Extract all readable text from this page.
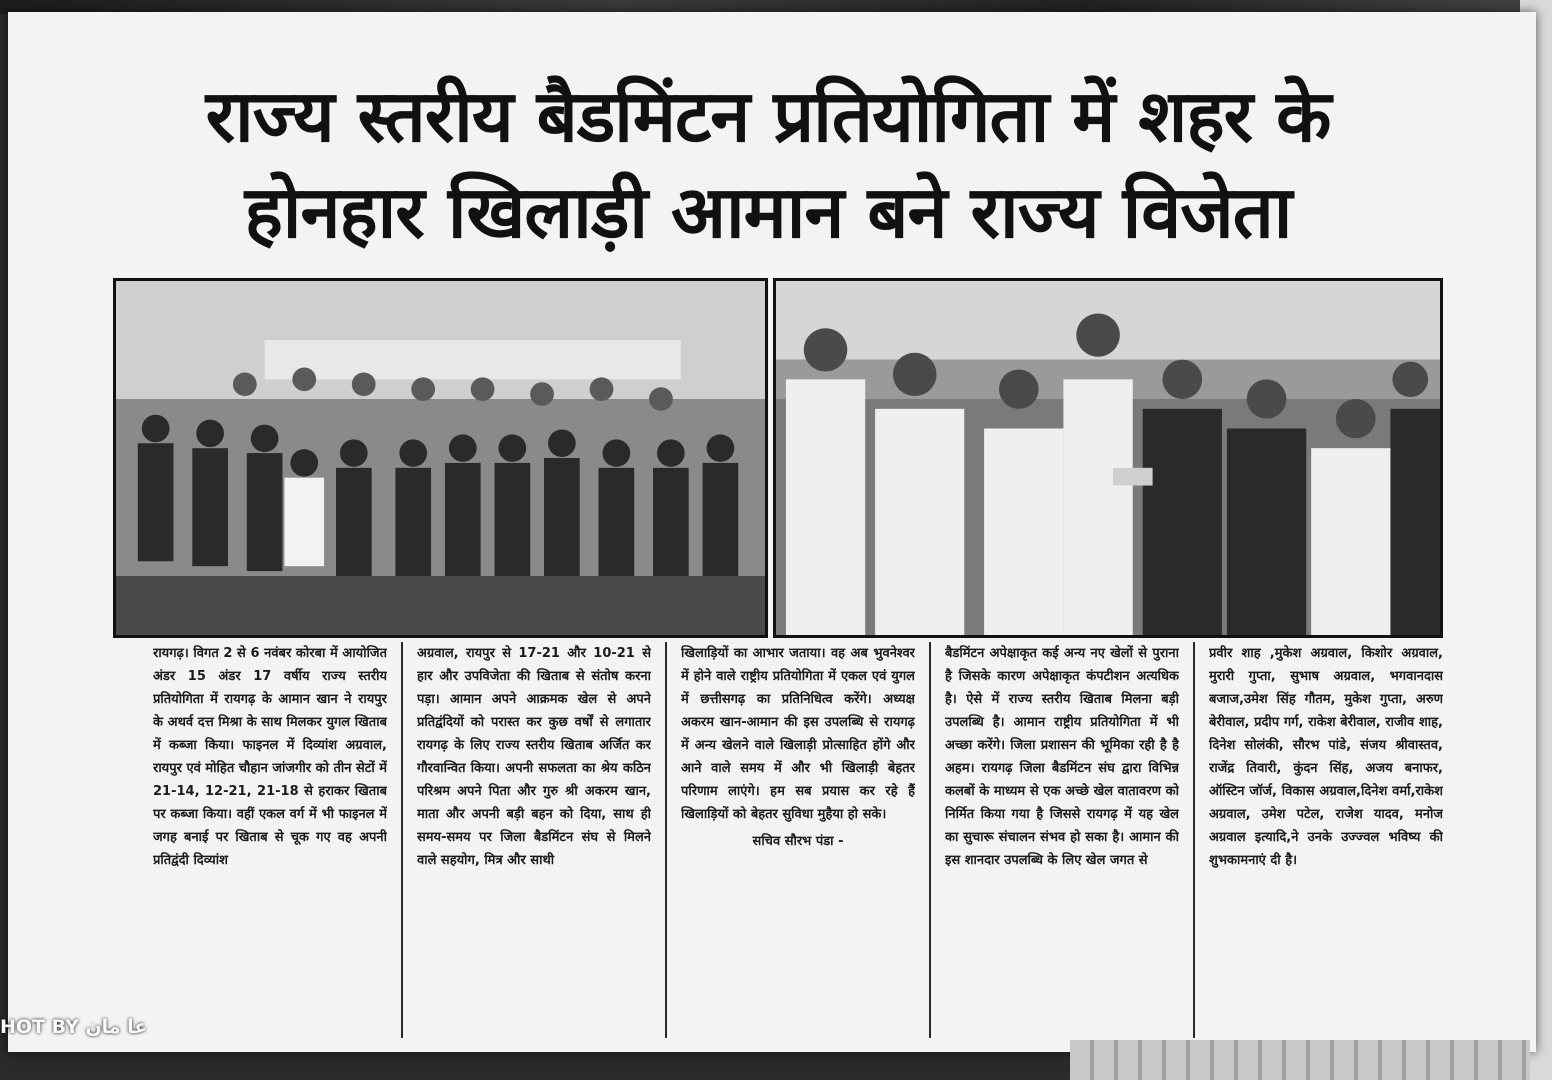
राज्य स्तरीय बैडमिंटन प्रतियोगिता में शहर के
होनहार खिलाड़ी आमान बने राज्य विजेता
रायगढ़। विगत 2 से 6 नवंबर कोरबा में आयोजित अंडर 15 अंडर 17 वर्षीय राज्य स्तरीय प्रतियोगिता में रायगढ़ के आमान खान ने रायपुर के अथर्व दत्त मिश्रा के साथ मिलकर युगल खिताब में कब्जा किया। फाइनल में दिव्यांश अग्रवाल, रायपुर एवं मोहित चौहान जांजगीर को तीन सेटों में 21-14, 12-21, 21-18 से हराकर खिताब पर कब्जा किया। वहीं एकल वर्ग में भी फाइनल में जगह बनाई पर खिताब से चूक गए वह अपनी प्रतिद्वंदी दिव्यांश
अग्रवाल, रायपुर से 17-21 और 10-21 से हार और उपविजेता की खिताब से संतोष करना पड़ा। आमान अपने आक्रमक खेल से अपने प्रतिद्वंदियों को परास्त कर कुछ वर्षों से लगातार रायगढ़ के लिए राज्य स्तरीय खिताब अर्जित कर गौरवान्वित किया। अपनी सफलता का श्रेय कठिन परिश्रम अपने पिता और गुरु श्री अकरम खान, माता और अपनी बड़ी बहन को दिया, साथ ही समय-समय पर जिला बैडमिंटन संघ से मिलने वाले सहयोग, मित्र और साथी
खिलाड़ियों का आभार जताया। वह अब भुवनेश्वर में होने वाले राष्ट्रीय प्रतियोगिता में एकल एवं युगल में छत्तीसगढ़ का प्रतिनिधित्व करेंगे। अध्यक्ष अकरम खान-आमान की इस उपलब्धि से रायगढ़ में अन्य खेलने वाले खिलाड़ी प्रोत्साहित होंगे और आने वाले समय में और भी खिलाड़ी बेहतर परिणाम लाएंगे। हम सब प्रयास कर रहे हैं खिलाड़ियों को बेहतर सुविधा मुहैया हो सके।
सचिव सौरभ पंडा -
बैडमिंटन अपेक्षाकृत कई अन्य नए खेलों से पुराना है जिसके कारण अपेक्षाकृत कंपटीशन अत्यधिक है। ऐसे में राज्य स्तरीय खिताब मिलना बड़ी उपलब्धि है। आमान राष्ट्रीय प्रतियोगिता में भी अच्छा करेंगे। जिला प्रशासन की भूमिका रही है है अहम। रायगढ़ जिला बैडमिंटन संघ द्वारा विभिन्न कलबों के माध्यम से एक अच्छे खेल वातावरण को निर्मित किया गया है जिससे रायगढ़ में यह खेल का सुचारू संचालन संभव हो सका है। आमान की इस शानदार उपलब्धि के लिए खेल जगत से
प्रवीर शाह ,मुकेश अग्रवाल, किशोर अग्रवाल, मुरारी गुप्ता, सुभाष अग्रवाल, भगवानदास बजाज,उमेश सिंह गौतम, मुकेश गुप्ता, अरुण बेरीवाल, प्रदीप गर्ग, राकेश बेरीवाल, राजीव शाह, दिनेश सोलंकी, सौरभ पांडे, संजय श्रीवास्तव, राजेंद्र तिवारी, कुंदन सिंह, अजय बनाफर, ऑस्टिन जॉर्ज, विकास अग्रवाल,दिनेश वर्मा,राकेश अग्रवाल, उमेश पटेल, राजेश यादव, मनोज अग्रवाल इत्यादि,ने उनके उज्ज्वल भविष्य की शुभकामनाएं दी है।
HOT BY عا مان
